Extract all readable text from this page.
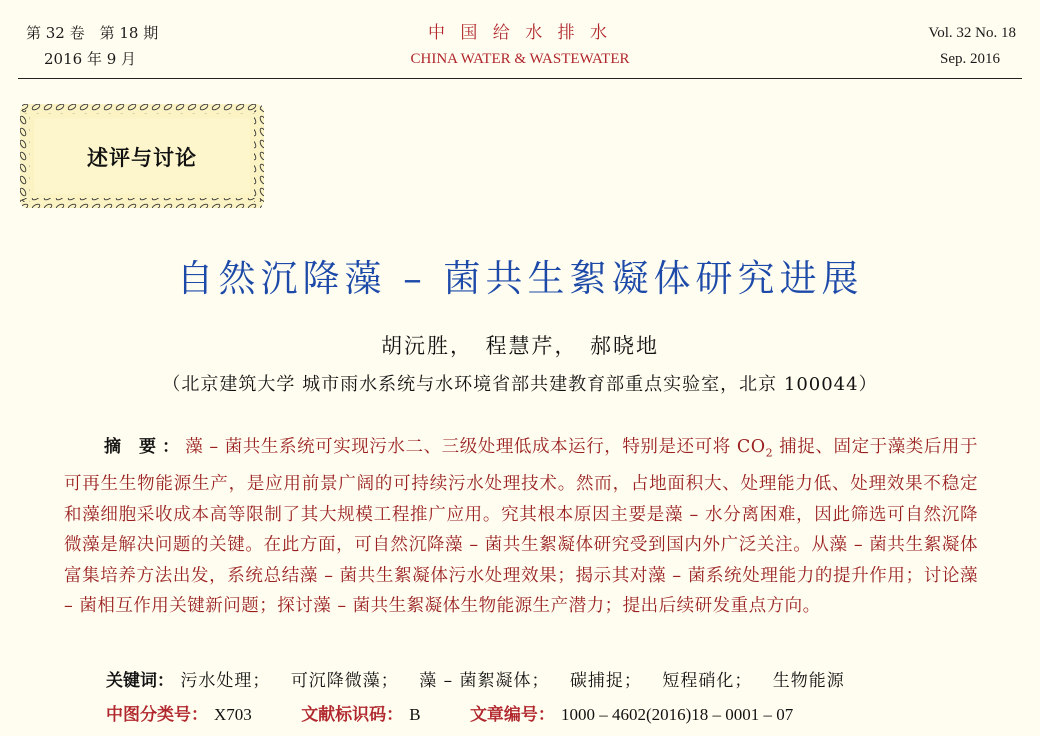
第 32 卷　第 18 期
2016 年 9 月
中 国 给 水 排 水
CHINA WATER & WASTEWATER
Vol. 32 No. 18
Sep. 2016
述评与讨论
自然沉降藻 – 菌共生絮凝体研究进展
胡沅胜，　程慧芹，　郝晓地
（北京建筑大学 城市雨水系统与水环境省部共建教育部重点实验室，北京 100044）
摘 要：藻 – 菌共生系统可实现污水二、三级处理低成本运行，特别是还可将 $CO_2$ 捕捉、固定于藻类后用于可再生生物能源生产，是应用前景广阔的可持续污水处理技术。然而，占地面积大、处理能力低、处理效果不稳定和藻细胞采收成本高等限制了其大规模工程推广应用。究其根本原因主要是藻 – 水分离困难，因此筛选可自然沉降微藻是解决问题的关键。在此方面，可自然沉降藻 – 菌共生絮凝体研究受到国内外广泛关注。从藻 – 菌共生絮凝体富集培养方法出发，系统总结藻 – 菌共生絮凝体污水处理效果；揭示其对藻 – 菌系统处理能力的提升作用；讨论藻 – 菌相互作用关键新问题；探讨藻 – 菌共生絮凝体生物能源生产潜力；提出后续研发重点方向。
关键词： 污水处理； 可沉降微藻； 藻 – 菌絮凝体； 碳捕捉； 短程硝化； 生物能源
中图分类号： X703	文献标识码： B	文章编号： 1000 – 4602(2016)18 – 0001 – 07
